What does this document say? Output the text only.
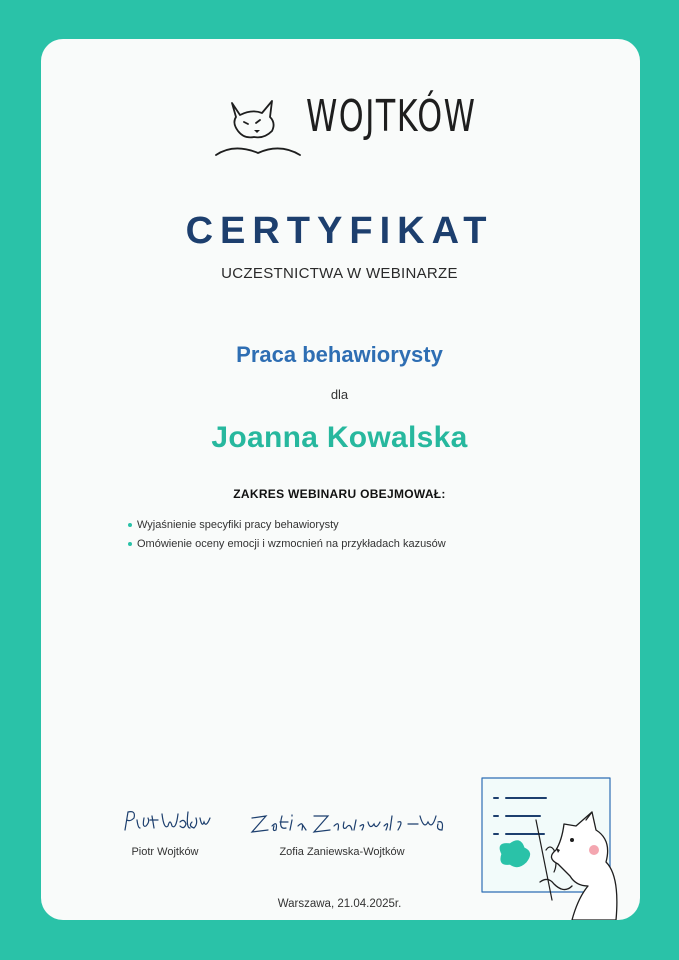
WOJTKÓW
CERTYFIKAT
UCZESTNICTWA W WEBINARZE
Praca behawiorysty
dla
Joanna Kowalska
ZAKRES WEBINARU OBEJMOWAŁ:
Wyjaśnienie specyfiki pracy behawiorysty
Omówienie oceny emocji i wzmocnień na przykładach kazusów
Piotr Wojtków	Zofia Zaniewska-Wojtków
Warszawa, 21.04.2025r.
